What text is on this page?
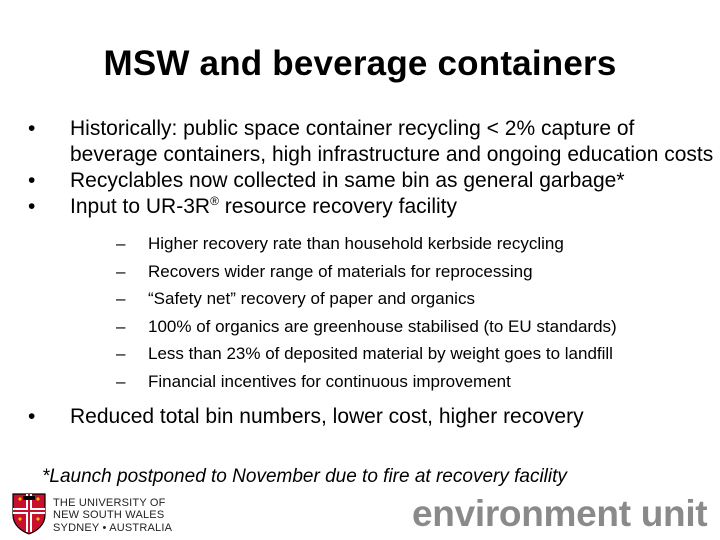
MSW and beverage containers
• Historically: public space container recycling < 2% capture of beverage containers, high infrastructure and ongoing education costs
• Recyclables now collected in same bin as general garbage*
• Input to UR-3R® resource recovery facility
– Higher recovery rate than household kerbside recycling
– Recovers wider range of materials for reprocessing
– “Safety net” recovery of paper and organics
– 100% of organics are greenhouse stabilised (to EU standards)
– Less than 23% of deposited material by weight goes to landfill
– Financial incentives for continuous improvement
• Reduced total bin numbers, lower cost, higher recovery
*Launch postponed to November due to fire at recovery facility
THE UNIVERSITY OF
NEW SOUTH WALES
SYDNEY • AUSTRALIA	environment unit
